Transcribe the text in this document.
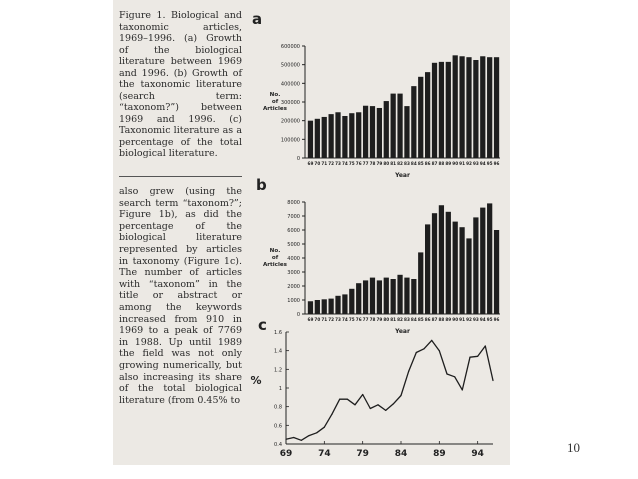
Figure 1. Biological and taxonomic articles, 1969–1996. (a) Growth of the biological literature between 1969 and 1996. (b) Growth of the taxonomic literature (search term: “taxonom?”) between 1969 and 1996. (c) Taxonomic literature as a percentage of the total biological literature.
also grew (using the search term “taxonom?”; Figure 1b), as did the percentage of the biological literature represented by articles in taxonomy (Figure 1c). The number of articles with “taxonom” in the title or abstract or among the keywords increased from 910 in 1969 to a peak of 7769 in 1988. Up until 1989 the field was not only growing numerically, but also increasing its share of the total biological literature (from 0.45% to
a
b
c
0
100000
200000
300000
400000
500000
600000
69 70 71 72 73 74 75 76 77 78 79 80 81 82 83 84 85 86 87 88 89 90 91 92 93 94 95 96
No.
of
Articles
Year
0
1000
2000
3000
4000
5000
6000
7000
8000
69 70 71 72 73 74 75 76 77 78 79 80 81 82 83 84 85 86 87 88 89 90 91 92 93 94 95 96
No.
of
Articles
Year
0.4
0.6
0.8
1
1.2
1.4
1.6
69	74	79	84	89	94
%
10
